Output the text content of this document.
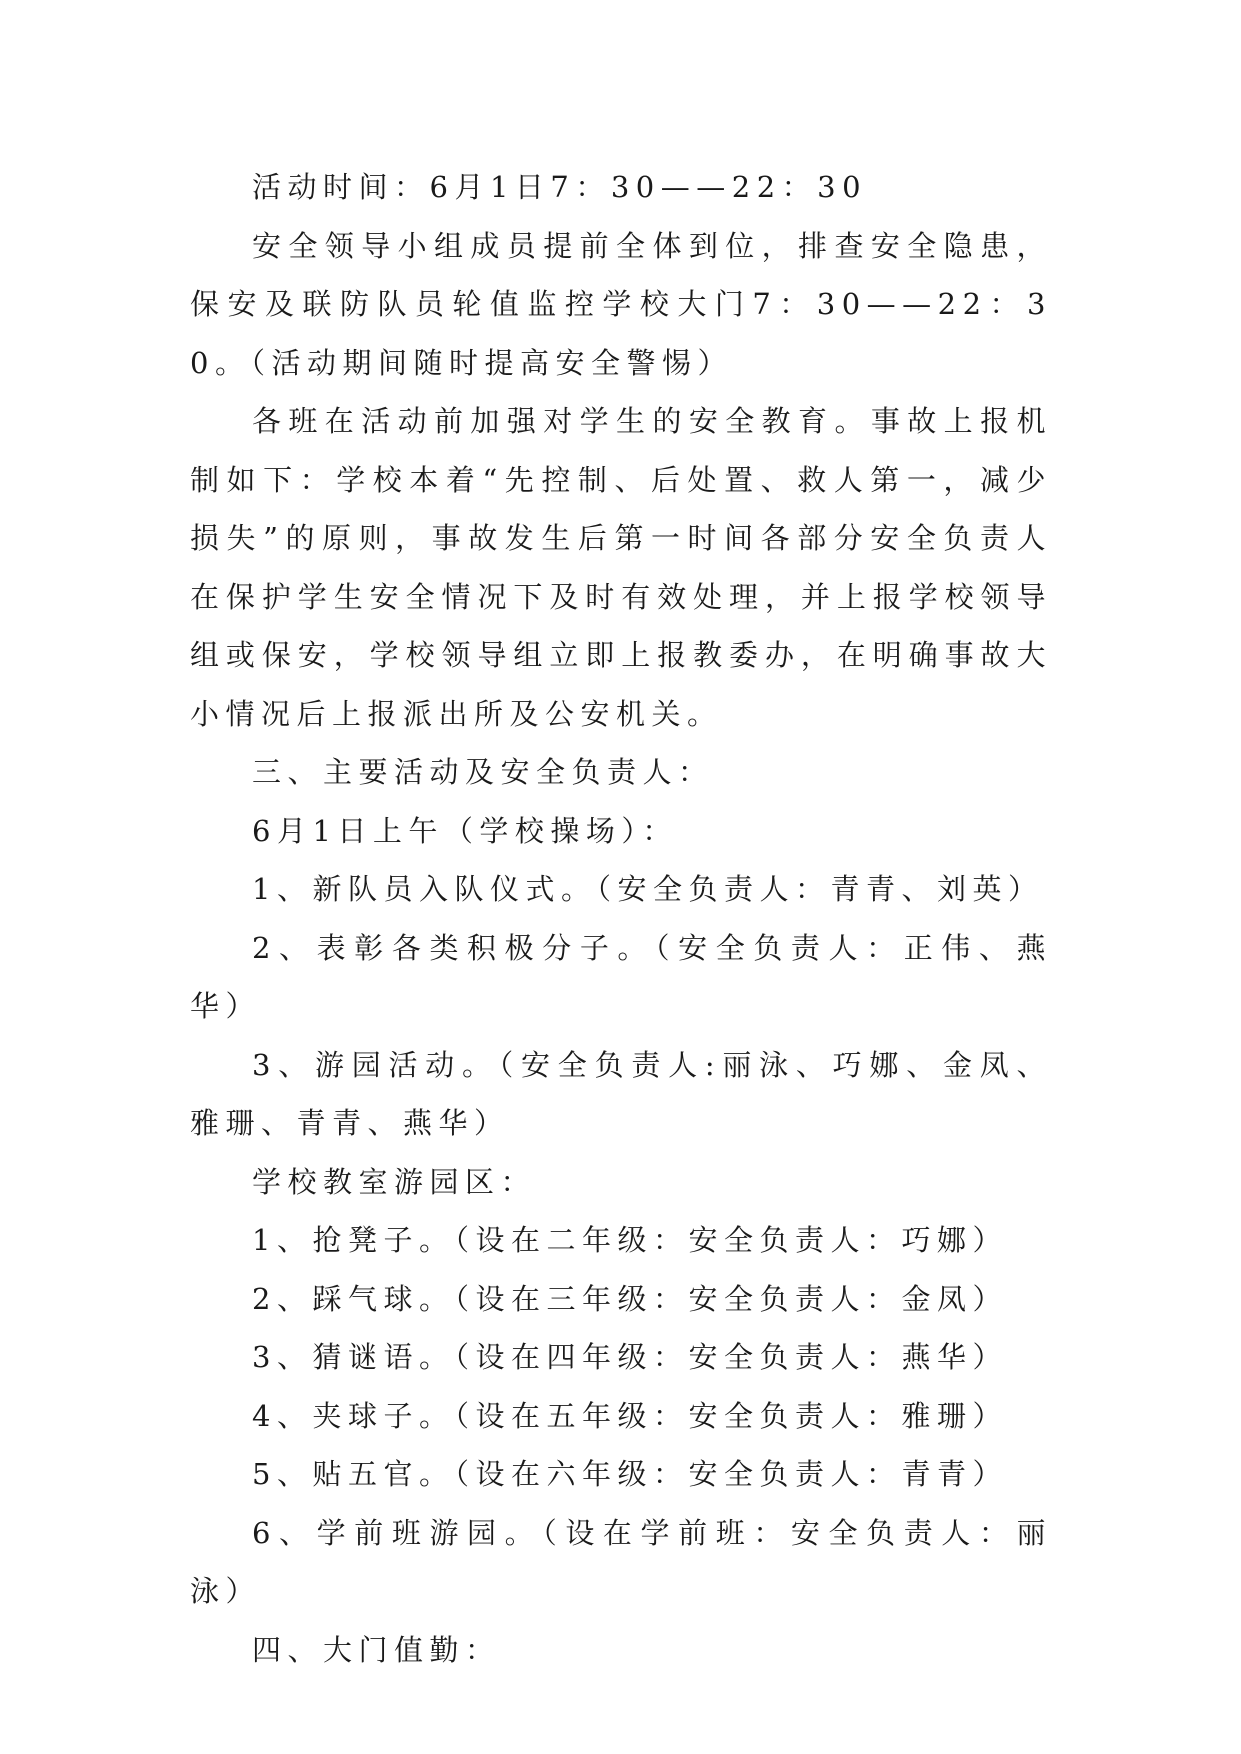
活动时间：6月1日7：30——22：30

安全领导小组成员提前全体到位，排查安全隐患，保安及联防队员轮值监控学校大门7：30——22：30。（活动期间随时提高安全警惕）

各班在活动前加强对学生的安全教育。事故上报机制如下：学校本着“先控制、后处置、救人第一，减少损失”的原则，事故发生后第一时间各部分安全负责人在保护学生安全情况下及时有效处理，并上报学校领导组或保安，学校领导组立即上报教委办，在明确事故大小情况后上报派出所及公安机关。

三、主要活动及安全负责人：

6月1日上午（学校操场）：

1、新队员入队仪式。（安全负责人：青青、刘英）

2、表彰各类积极分子。（安全负责人：正伟、燕华）

3、游园活动。（安全负责人:丽泳、巧娜、金凤、雅珊、青青、燕华）

学校教室游园区：

1、抢凳子。（设在二年级：安全负责人：巧娜）

2、踩气球。（设在三年级：安全负责人：金凤）

3、猜谜语。（设在四年级：安全负责人：燕华）

4、夹球子。（设在五年级：安全负责人：雅珊）

5、贴五官。（设在六年级：安全负责人：青青）

6、学前班游园。（设在学前班：安全负责人：丽泳）

四、大门值勤：
